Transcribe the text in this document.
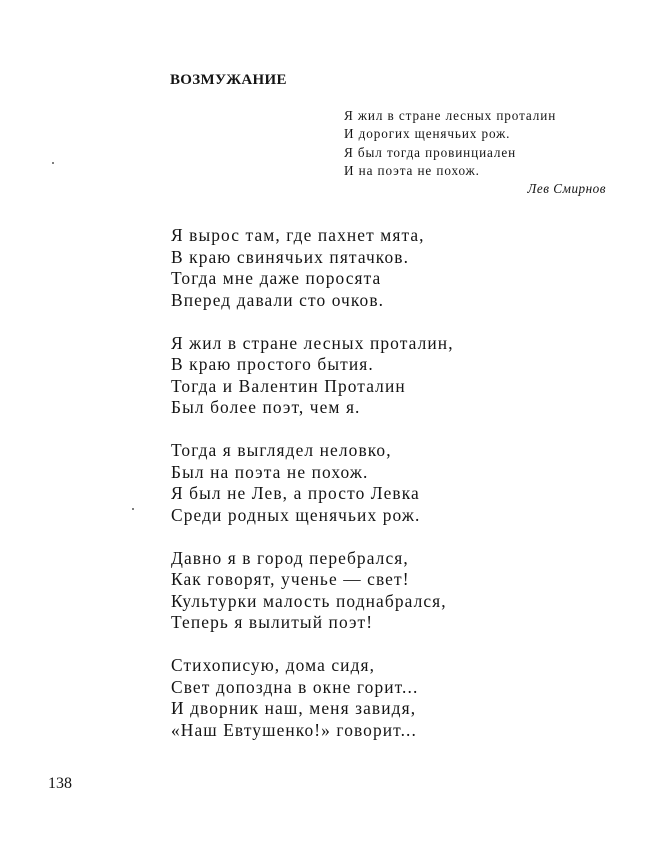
ВОЗМУЖАНИЕ
Я жил в стране лесных проталин
И дорогих щенячьих рож.
Я был тогда провинциален
И на поэта не похож.
Лев Смирнов
Я вырос там, где пахнет мята,
В краю свинячьих пятачков.
Тогда мне даже поросята
Вперед давали сто очков.
Я жил в стране лесных проталин,
В краю простого бытия.
Тогда и Валентин Проталин
Был более поэт, чем я.
Тогда я выглядел неловко,
Был на поэта не похож.
Я был не Лев, а просто Левка
Среди родных щенячьих рож.
Давно я в город перебрался,
Как говорят, ученье — свет!
Культурки малость поднабрался,
Теперь я вылитый поэт!
Стихописую, дома сидя,
Свет допоздна в окне горит...
И дворник наш, меня завидя,
«Наш Евтушенко!» говорит...
138
